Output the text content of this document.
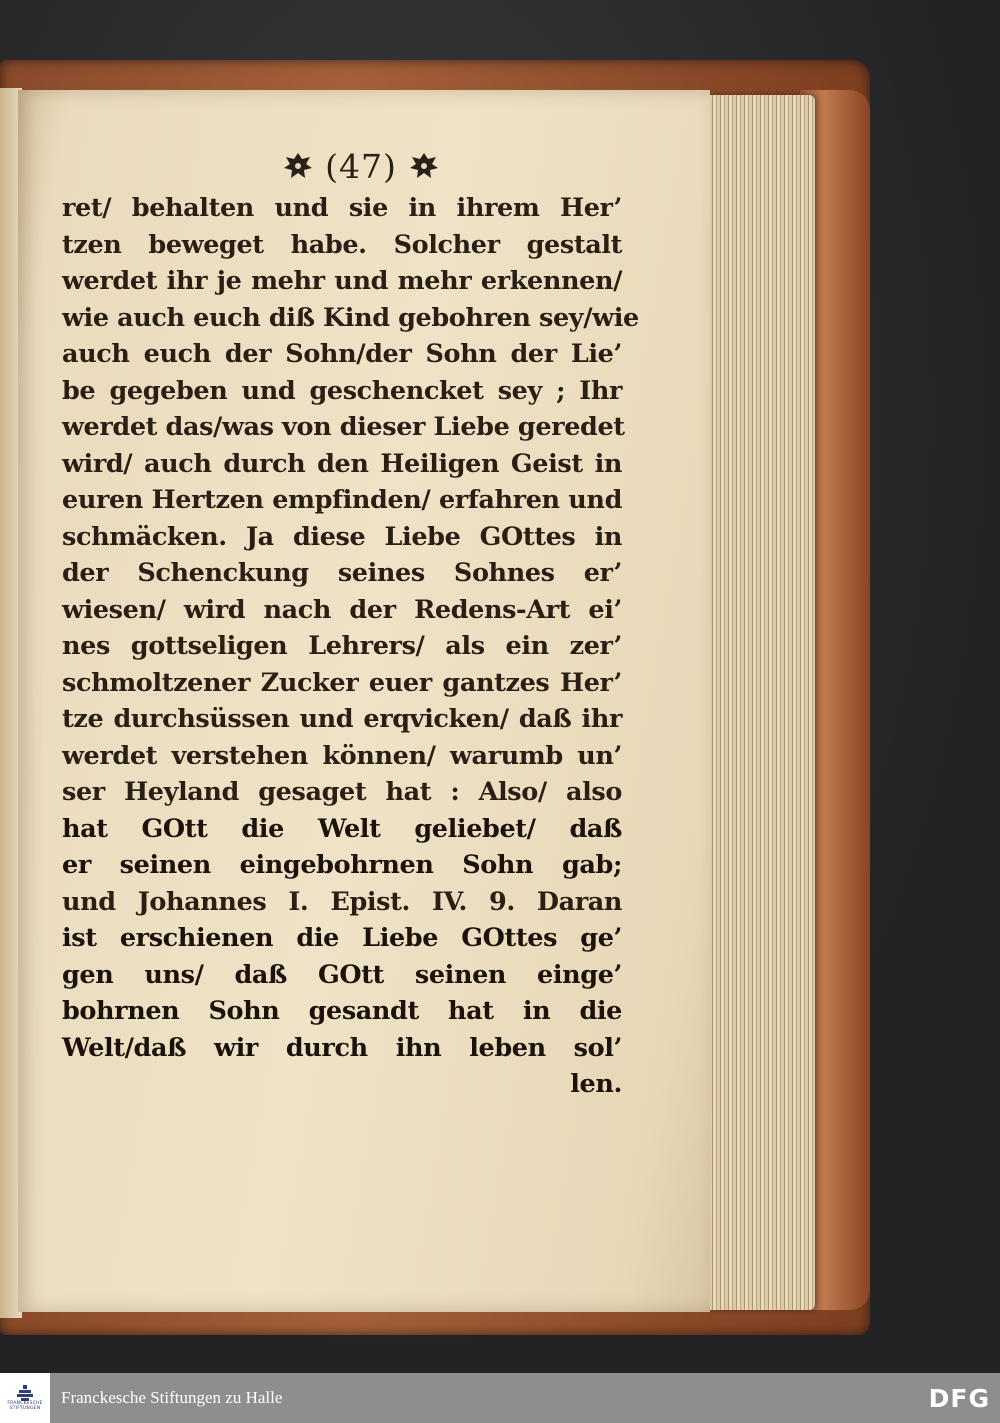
(47)
ret/ behalten und sie in ihrem Her’
tzen beweget habe. Solcher gestalt
werdet ihr je mehr und mehr erkennen/
wie auch euch diß Kind gebohren sey/wie
auch euch der Sohn/der Sohn der Lie’
be gegeben und geschencket sey ; Ihr
werdet das/was von dieser Liebe geredet
wird/ auch durch den Heiligen Geist in
euren Hertzen empfinden/ erfahren und
schmäcken. Ja diese Liebe GOttes in
der Schenckung seines Sohnes er’
wiesen/ wird nach der Redens-Art ei’
nes gottseligen Lehrers/ als ein zer’
schmoltzener Zucker euer gantzes Her’
tze durchsüssen und erqvicken/ daß ihr
werdet verstehen können/ warumb un’
ser Heyland gesaget hat : Also/ also
hat GOtt die Welt geliebet/ daß
er seinen eingebohrnen Sohn gab;
und Johannes I. Epist. IV. 9. Daran
ist erschienen die Liebe GOttes ge’
gen uns/ daß GOtt seinen einge’
bohrnen Sohn gesandt hat in die
Welt/daß wir durch ihn leben sol’
len.
FRANCKESCHE
STIFTUNGEN
Franckesche Stiftungen zu Halle	DFG
